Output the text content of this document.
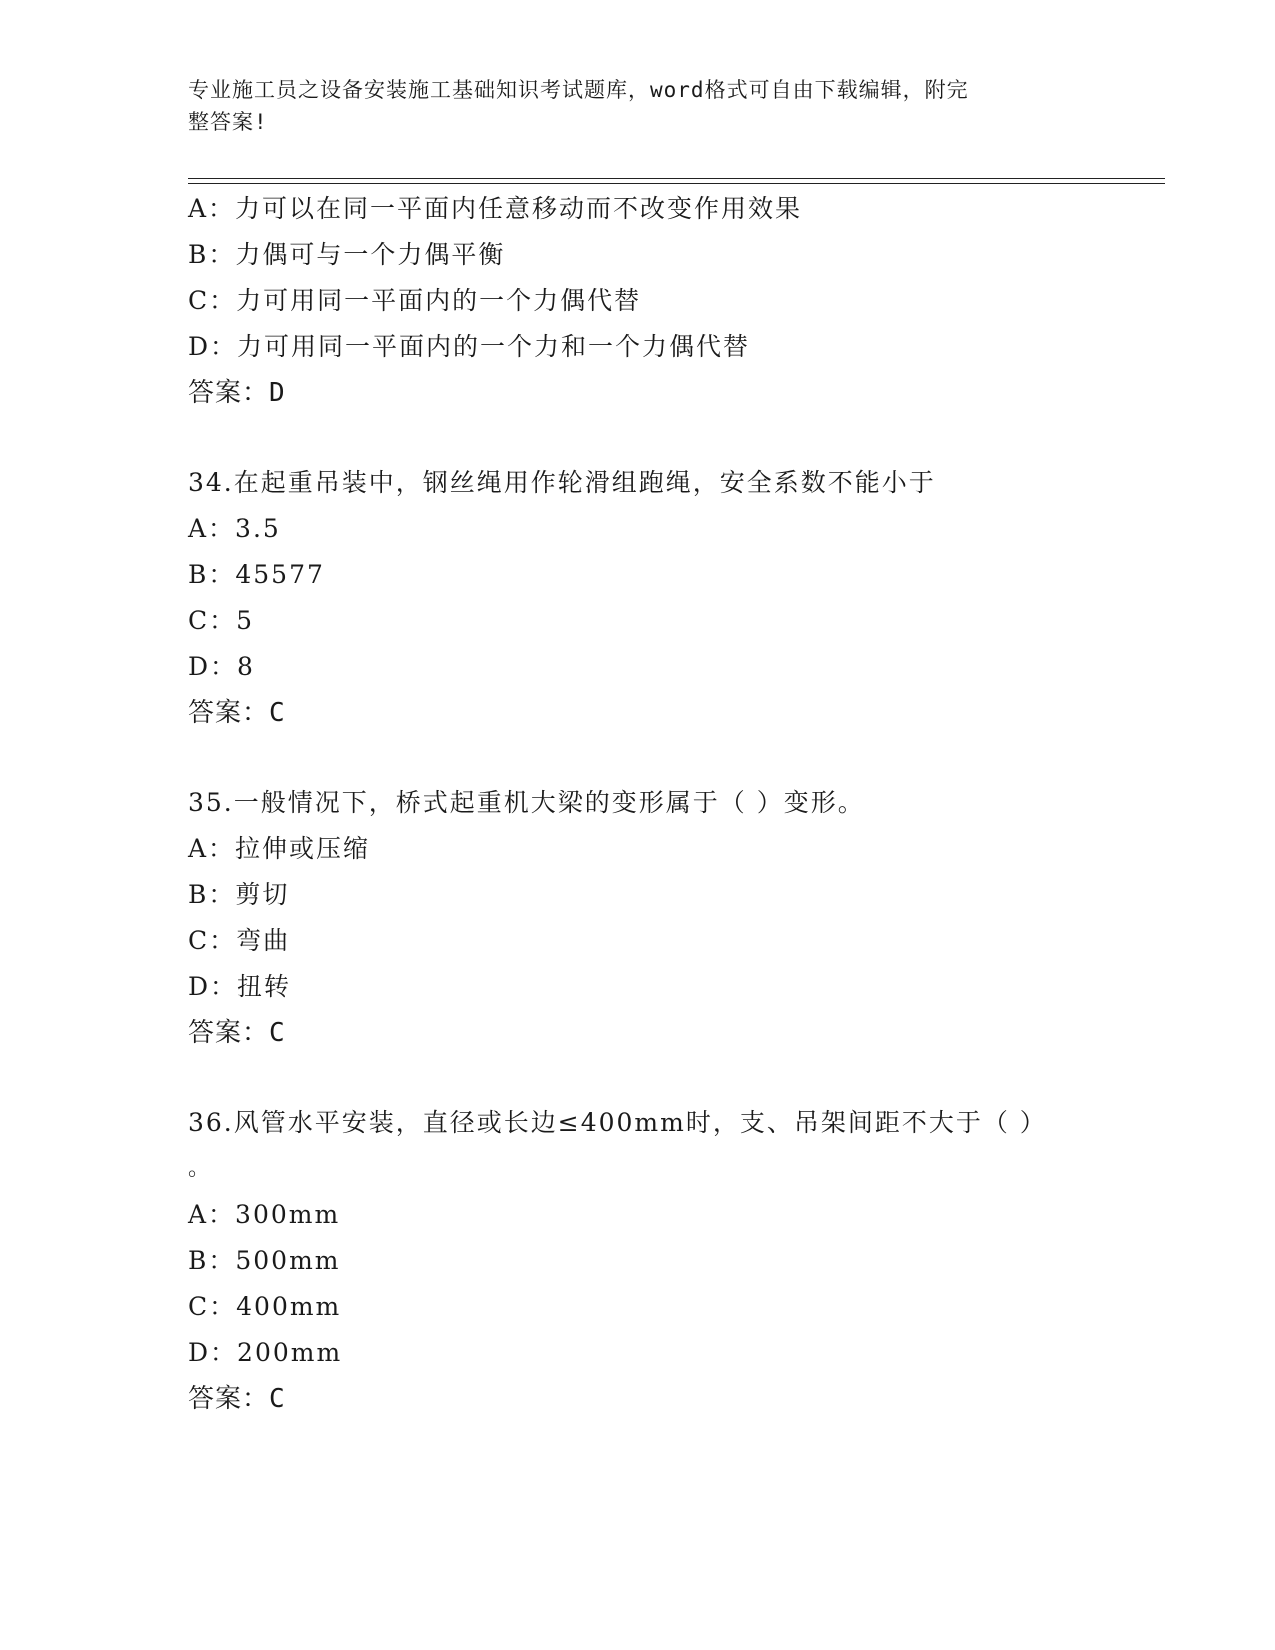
专业施工员之设备安装施工基础知识考试题库，word格式可自由下载编辑，附完
整答案!
A：力可以在同一平面内任意移动而不改变作用效果
B：力偶可与一个力偶平衡
C：力可用同一平面内的一个力偶代替
D：力可用同一平面内的一个力和一个力偶代替
答案：D
34.在起重吊装中，钢丝绳用作轮滑组跑绳，安全系数不能小于
A：3.5
B：45577
C：5
D：8
答案：C
35.一般情况下，桥式起重机大梁的变形属于（ ）变形。
A：拉伸或压缩
B：剪切
C：弯曲
D：扭转
答案：C
36.风管水平安装，直径或长边≤400mm时，支、吊架间距不大于（ ）
。
A：300mm
B：500mm
C：400mm
D：200mm
答案：C
